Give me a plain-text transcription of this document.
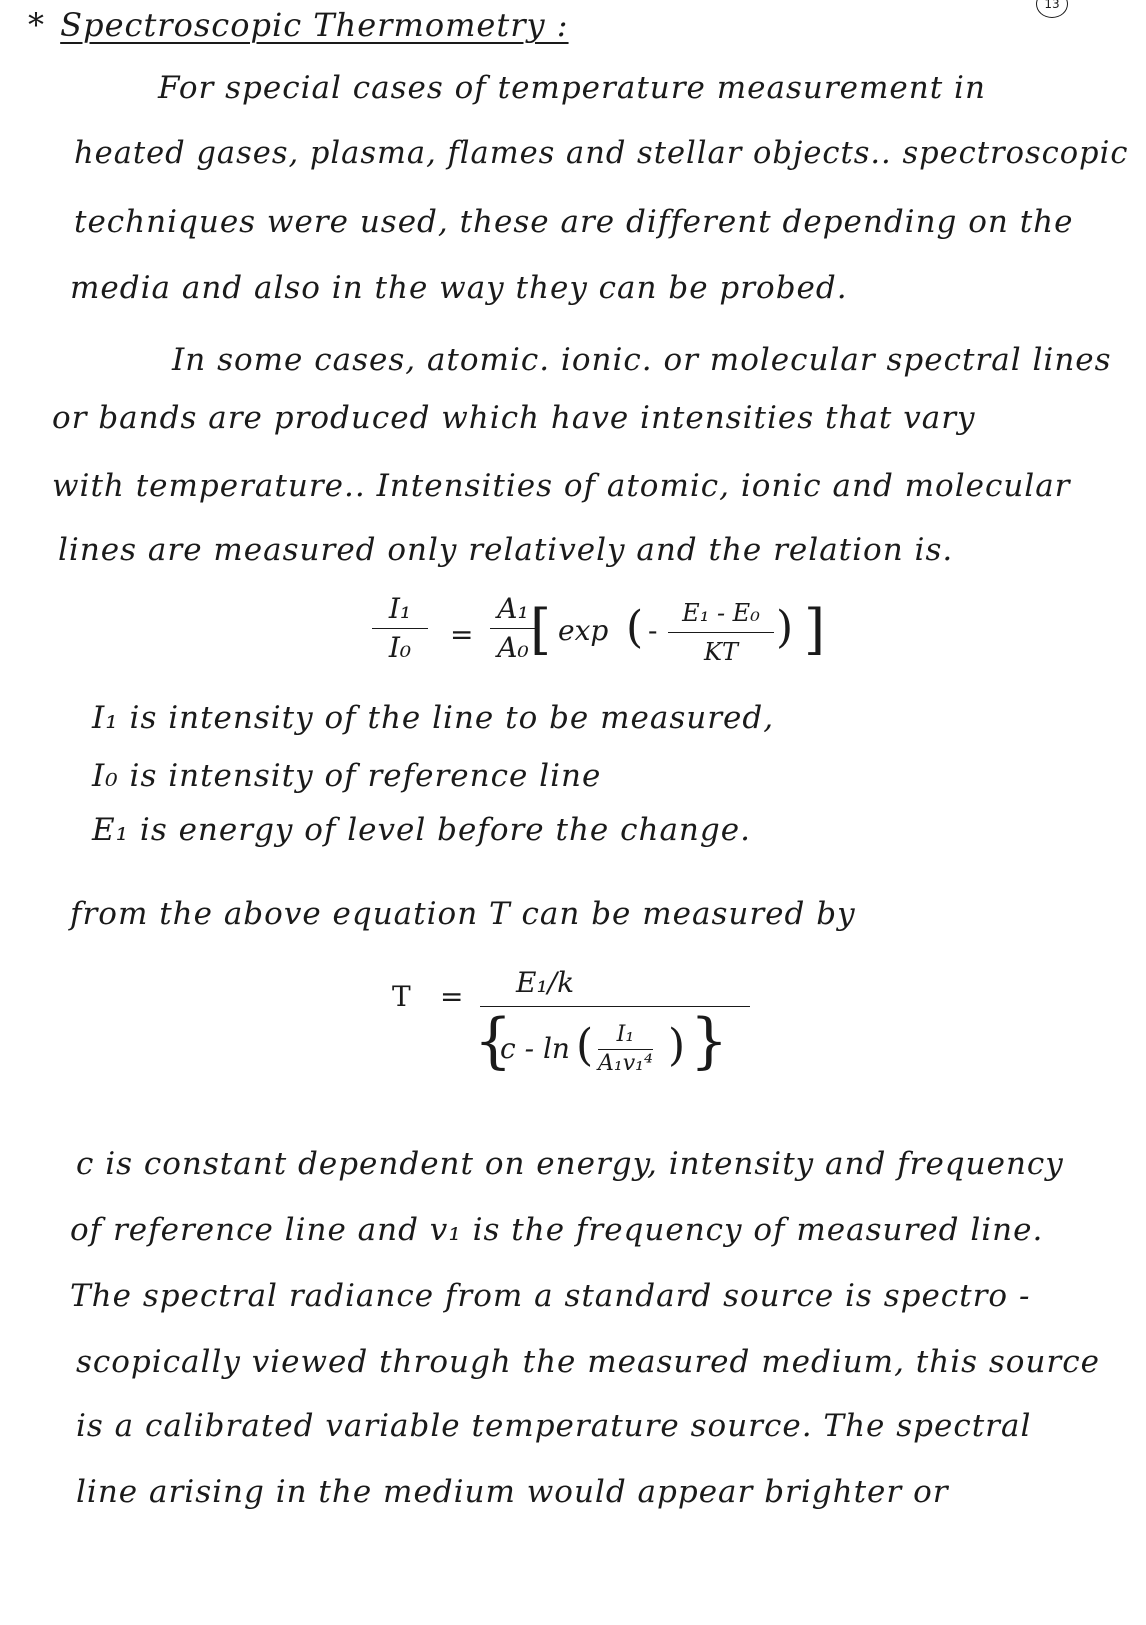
13
* Spectroscopic Thermometry :
For special cases of temperature measurement in
heated gases, plasma, flames and stellar objects.. spectroscopic
techniques were used, these are different depending on the
media and also in the way they can be probed.
In some cases, atomic. ionic. or molecular spectral lines
or bands are produced which have intensities that vary
with temperature.. Intensities of atomic, ionic and molecular
lines are measured only relatively and the relation is.
I₁
I₀	=
A₁
A₀ [ exp ( -
E₁ - E₀
KT ) ]
I₁ is intensity of the line to be measured,
I₀ is intensity of reference line
E₁ is energy of level before the change.
from the above equation T can be measured by
T = E₁/k
{
c - ln (	I₁
A₁v₁⁴ ) }
c is constant dependent on energy, intensity and frequency
of reference line and v₁ is the frequency of measured line.
The spectral radiance from a standard source is spectro -
scopically viewed through the measured medium, this source
is a calibrated variable temperature source. The spectral
line arising in the medium would appear brighter or
